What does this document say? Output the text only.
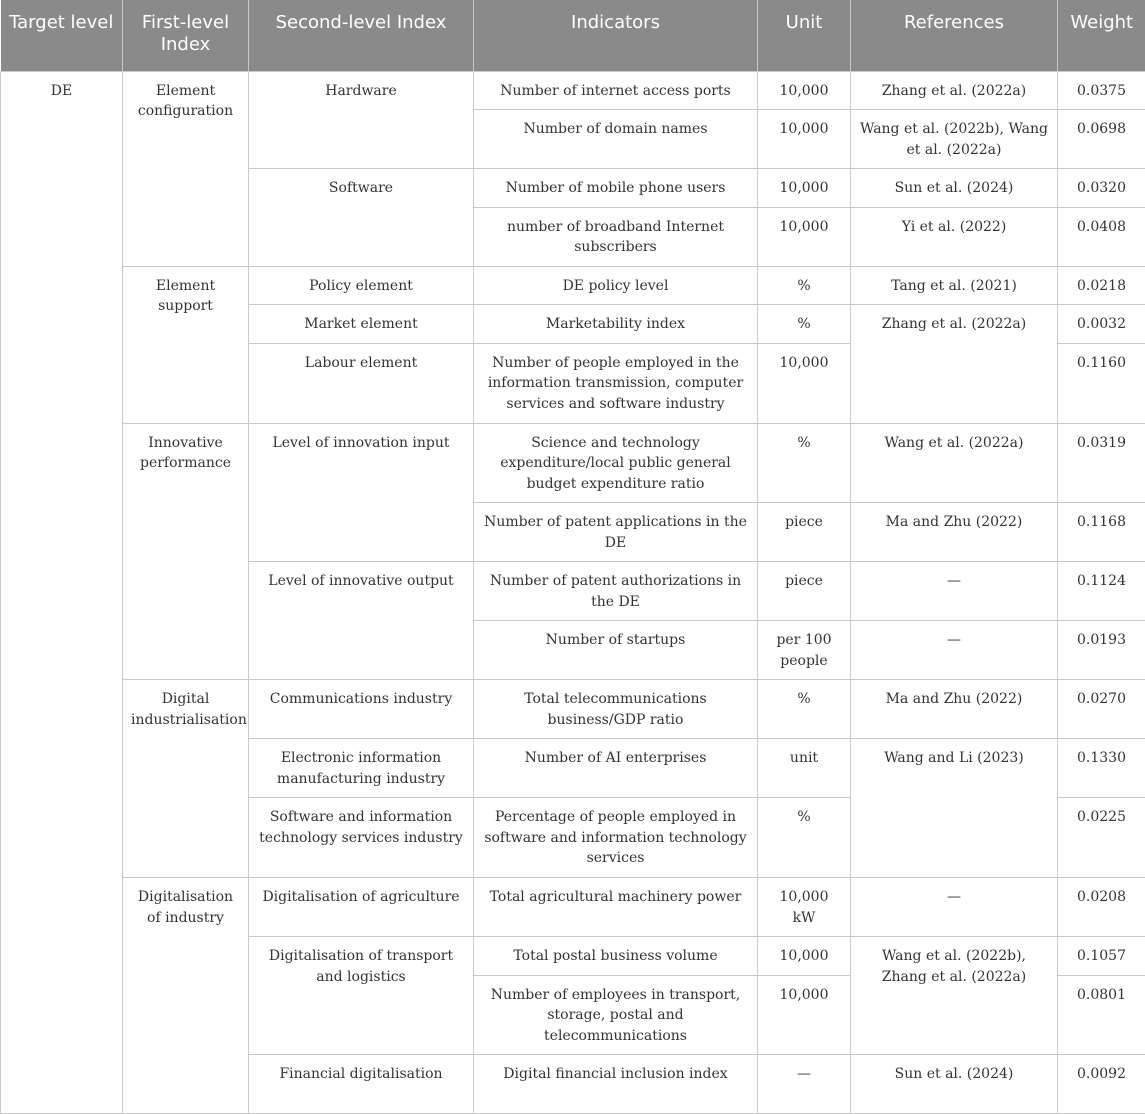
Target level	First-level Index	Second-level Index	Indicators	Unit	References	Weight
DE	Element configuration	Hardware	Number of internet access ports	10,000	Zhang et al. (2022a)	0.0375
			Number of domain names	10,000	Wang et al. (2022b), Wang et al. (2022a)	0.0698
		Software	Number of mobile phone users	10,000	Sun et al. (2024)	0.0320
			number of broadband Internet subscribers	10,000	Yi et al. (2022)	0.0408
	Element support	Policy element	DE policy level	%	Tang et al. (2021)	0.0218
		Market element	Marketability index	%	Zhang et al. (2022a)	0.0032
		Labour element	Number of people employed in the information transmission, computer services and software industry	10,000		0.1160
	Innovative performance	Level of innovation input	Science and technology expenditure/local public general budget expenditure ratio	%	Wang et al. (2022a)	0.0319
			Number of patent applications in the DE	piece	Ma and Zhu (2022)	0.1168
		Level of innovative output	Number of patent authorizations in the DE	piece	—	0.1124
			Number of startups	per 100 people	—	0.0193
	Digital industrialisation	Communications industry	Total telecommunications business/GDP ratio	%	Ma and Zhu (2022)	0.0270
		Electronic information manufacturing industry	Number of AI enterprises	unit	Wang and Li (2023)	0.1330
		Software and information technology services industry	Percentage of people employed in software and information technology services	%		0.0225
	Digitalisation of industry	Digitalisation of agriculture	Total agricultural machinery power	10,000 kW	—	0.0208
		Digitalisation of transport and logistics	Total postal business volume	10,000	Wang et al. (2022b), Zhang et al. (2022a)	0.1057
			Number of employees in transport, storage, postal and telecommunications	10,000		0.0801
		Financial digitalisation	Digital financial inclusion index	—	Sun et al. (2024)	0.0092
